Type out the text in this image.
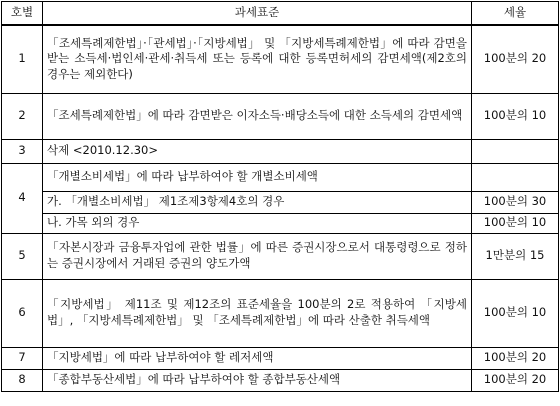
호별	과세표준	세율
1	「조세특례제한법」·「관세법」·「지방세법」 및 「지방세특례제한법」에 따라 감면을 받는 소득세·법인세·관세·취득세 또는 등록에 대한 등록면허세의 감면세액(제2호의 경우는 제외한다)	100분의 20
2	「조세특례제한법」에 따라 감면받은 이자소득·배당소득에 대한 소득세의 감면세액	100분의 10
3	삭제 <2010.12.30>	
4	「개별소비세법」에 따라 납부하여야 할 개별소비세액	
	가. 「개별소비세법」 제1조제3항제4호의 경우	100분의 30
	나. 가목 외의 경우	100분의 10
5	「자본시장과 금융투자업에 관한 법률」에 따른 증권시장으로서 대통령령으로 정하는 증권시장에서 거래된 증권의 양도가액	1만분의 15
6	「지방세법」 제11조 및 제12조의 표준세율을 100분의 2로 적용하여 「지방세법」, 「지방세특례제한법」 및 「조세특례제한법」에 따라 산출한 취득세액	100분의 10
7	「지방세법」에 따라 납부하여야 할 레저세액	100분의 20
8	「종합부동산세법」에 따라 납부하여야 할 종합부동산세액	100분의 20
